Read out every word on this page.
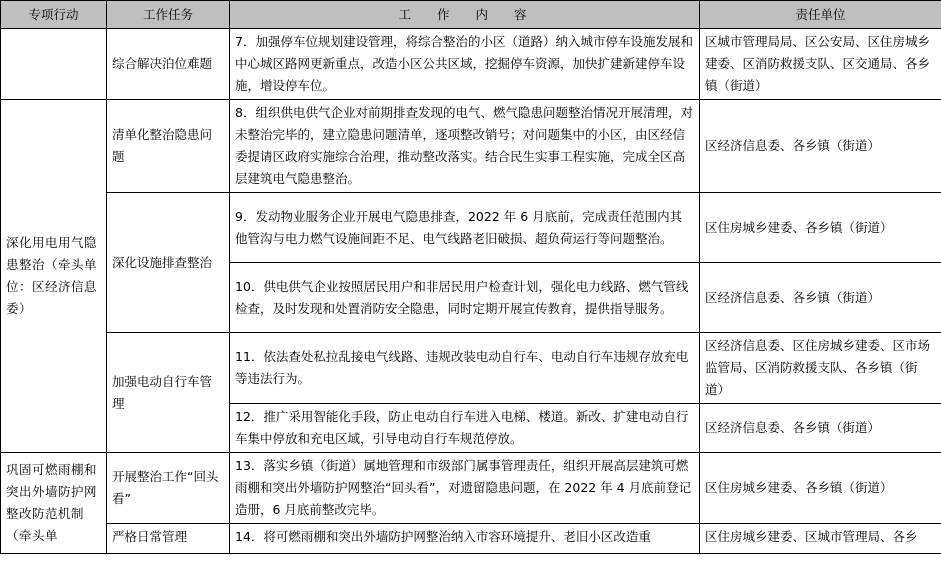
专项行动	工作任务	工作内容	责任单位
	综合解决泊位难题	7．加强停车位规划建设管理，将综合整治的小区（道路）纳入城市停车设施发展和中心城区路网更新重点，改造小区公共区域，挖掘停车资源，加快扩建新建停车设施，增设停车位。	区城市管理局局、区公安局、区住房城乡建委、区消防救援支队、区交通局、各乡镇（街道）
深化用电用气隐患整治（牵头单位：区经济信息委）	清单化整治隐患问题	8．组织供电供气企业对前期排查发现的电气、燃气隐患问题整治情况开展清理，对未整治完毕的，建立隐患问题清单，逐项整改销号；对问题集中的小区，由区经信委提请区政府实施综合治理，推动整改落实。结合民生实事工程实施，完成全区高层建筑电气隐患整治。	区经济信息委、各乡镇（街道）
	深化设施排查整治	9．发动物业服务企业开展电气隐患排查，2022 年 6 月底前，完成责任范围内其他管沟与电力燃气设施间距不足、电气线路老旧破损、超负荷运行等问题整治。	区住房城乡建委、各乡镇（街道）
		10．供电供气企业按照居民用户和非居民用户检查计划，强化电力线路、燃气管线检查，及时发现和处置消防安全隐患，同时定期开展宣传教育，提供指导服务。	区经济信息委、各乡镇（街道）
	加强电动自行车管理	11．依法查处私拉乱接电气线路、违规改装电动自行车、电动自行车违规存放充电等违法行为。	区经济信息委、区住房城乡建委、区市场监管局、区消防救援支队、各乡镇（街道）
		12．推广采用智能化手段，防止电动自行车进入电梯、楼道。新改、扩建电动自行车集中停放和充电区域，引导电动自行车规范停放。	区经济信息委、各乡镇（街道）
巩固可燃雨棚和突出外墙防护网整改防范机制（牵头单	开展整治工作“回头看”	13．落实乡镇（街道）属地管理和市级部门属事管理责任，组织开展高层建筑可燃雨棚和突出外墙防护网整治“回头看”，对遗留隐患问题，在 2022 年 4 月底前登记造册，6 月底前整改完毕。	区住房城乡建委、各乡镇（街道）
	严格日常管理	14．将可燃雨棚和突出外墙防护网整治纳入市容环境提升、老旧小区改造重	区住房城乡建委、区城市管理局、各乡
